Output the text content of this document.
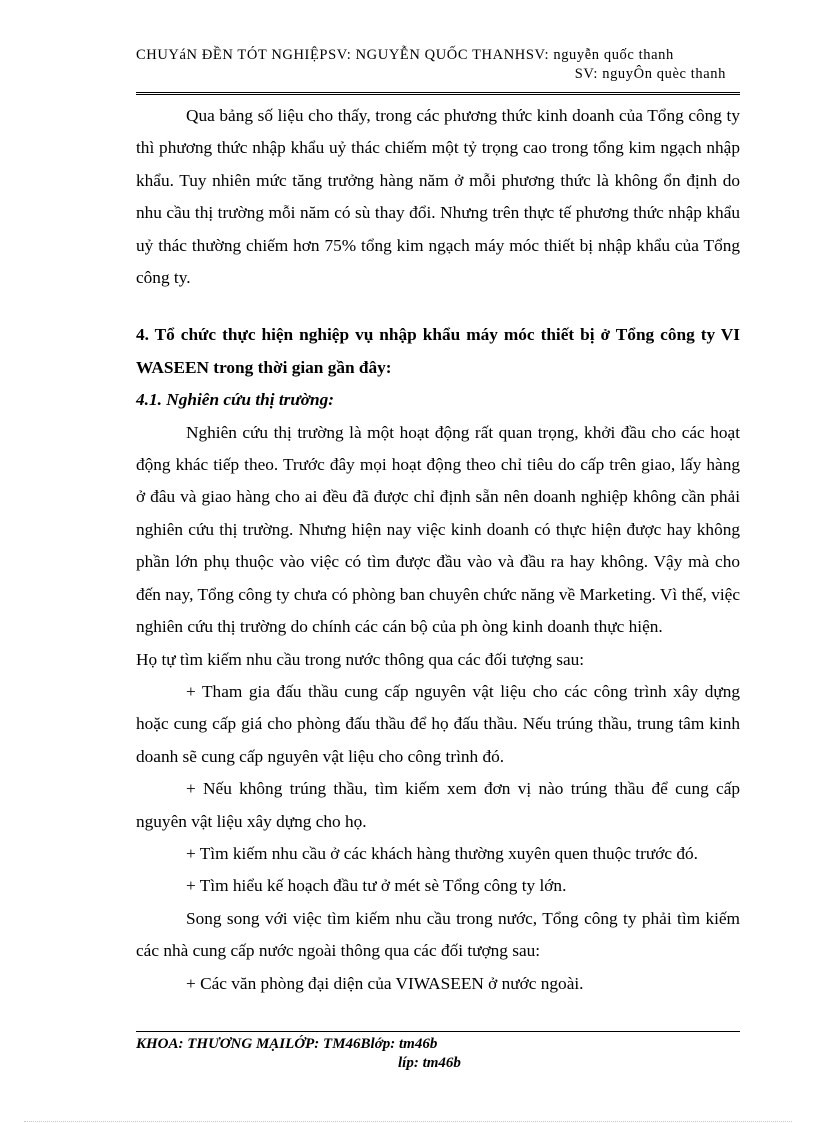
CHUYáN ĐỀN TÓT NGHIỆPSV: NGUYỄN QUỐC THANHSV: nguyễn quốc thanh
SV: nguyÔn quèc thanh

Qua bảng số liệu cho thấy, trong các phương thức kinh doanh của Tổng công ty thì phương thức nhập khẩu uỷ thác chiếm một tỷ trọng cao trong tổng kim ngạch nhập khẩu. Tuy nhiên mức tăng trưởng hàng năm ở mỗi phương thức là không ổn định do nhu cầu thị trường mỗi năm có sù thay đổi. Nhưng trên thực tế phương thức nhập khẩu uỷ thác thường chiếm hơn 75% tổng kim ngạch máy móc thiết bị nhập khẩu của Tổng công ty.

4. Tổ chức thực hiện nghiệp vụ nhập khẩu máy móc thiết bị ở Tổng công ty VI WASEEN trong thời gian gần đây:

4.1. Nghiên cứu thị trường:

Nghiên cứu thị trường là một hoạt động rất quan trọng, khởi đầu cho các hoạt động khác tiếp theo. Trước đây mọi hoạt động theo chỉ tiêu do cấp trên giao, lấy hàng ở đâu và giao hàng cho ai đều đã được chỉ định sẵn nên doanh nghiệp không cần phải nghiên cứu thị trường. Nhưng hiện nay việc kinh doanh có thực hiện được hay không phần lớn phụ thuộc vào việc có tìm được đầu vào và đầu ra hay không. Vậy mà cho đến nay, Tổng công ty chưa có phòng ban chuyên chức năng về Marketing. Vì thế, việc nghiên cứu thị trường do chính các cán bộ của ph òng kinh doanh thực hiện.

Họ tự tìm kiếm nhu cầu trong nước thông qua các đối tượng sau:

+ Tham gia đấu thầu cung cấp nguyên vật liệu cho các công trình xây dựng hoặc cung cấp giá cho phòng đấu thầu để họ đấu thầu. Nếu trúng thầu, trung tâm kinh doanh sẽ cung cấp nguyên vật liệu cho công trình đó.

+ Nếu không trúng thầu, tìm kiếm xem đơn vị nào trúng thầu để cung cấp nguyên vật liệu xây dựng cho họ.

+ Tìm kiếm nhu cầu ở các khách hàng thường xuyên quen thuộc trước đó.

+ Tìm hiểu kế hoạch đầu tư ở mét sè Tổng công ty lớn.

Song song với việc tìm kiếm nhu cầu trong nước, Tổng công ty phải tìm kiếm các nhà cung cấp nước ngoài thông qua các đối tượng sau:

+ Các văn phòng đại diện của VIWASEEN ở nước ngoài.

KHOA: THƯƠNG MẠILỚP: TM46Blớp: tm46b
líp: tm46b
